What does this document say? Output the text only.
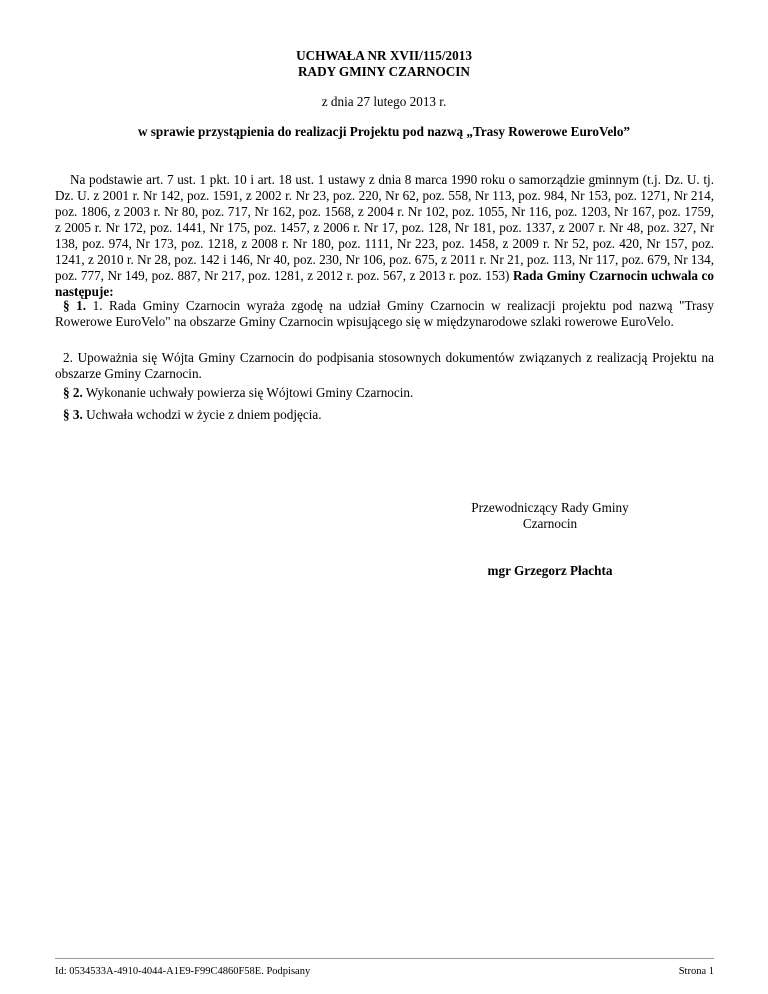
UCHWAŁA NR XVII/115/2013
RADY GMINY CZARNOCIN
z dnia 27 lutego 2013 r.
w sprawie przystąpienia do realizacji Projektu pod nazwą „Trasy Rowerowe EuroVelo”

Na podstawie art. 7 ust. 1 pkt. 10 i art. 18 ust. 1 ustawy z dnia 8 marca 1990 roku o samorządzie gminnym (t.j. Dz. U. tj. Dz. U. z 2001 r. Nr 142, poz. 1591, z 2002 r. Nr 23, poz. 220, Nr 62, poz. 558, Nr 113, poz. 984, Nr 153, poz. 1271, Nr 214, poz. 1806, z 2003 r. Nr 80, poz. 717, Nr 162, poz. 1568, z 2004 r. Nr 102, poz. 1055, Nr 116, poz. 1203, Nr 167, poz. 1759, z 2005 r. Nr 172, poz. 1441, Nr 175, poz. 1457, z 2006 r. Nr 17, poz. 128, Nr 181, poz. 1337, z 2007 r. Nr 48, poz. 327, Nr 138, poz. 974, Nr 173, poz. 1218, z 2008 r. Nr 180, poz. 1111, Nr 223, poz. 1458, z 2009 r. Nr 52, poz. 420, Nr 157, poz. 1241, z 2010 r. Nr 28, poz. 142 i 146, Nr 40, poz. 230, Nr 106, poz. 675, z 2011 r. Nr 21, poz. 113, Nr 117, poz. 679, Nr 134, poz. 777, Nr 149, poz. 887, Nr 217, poz. 1281, z 2012 r. poz. 567, z 2013 r. poz. 153) Rada Gminy Czarnocin uchwala co następuje:

§ 1. 1. Rada Gminy Czarnocin wyraża zgodę na udział Gminy Czarnocin w realizacji projektu pod nazwą "Trasy Rowerowe EuroVelo" na obszarze Gminy Czarnocin wpisującego się w międzynarodowe szlaki rowerowe EuroVelo.

2. Upoważnia się Wójta Gminy Czarnocin do podpisania stosownych dokumentów związanych z realizacją Projektu na obszarze Gminy Czarnocin.

§ 2. Wykonanie uchwały powierza się Wójtowi Gminy Czarnocin.

§ 3. Uchwała wchodzi w życie z dniem podjęcia.

Przewodniczący Rady Gminy
Czarnocin
mgr Grzegorz Płachta
Id: 0534533A-4910-4044-A1E9-F99C4860F58E. Podpisany	Strona 1
